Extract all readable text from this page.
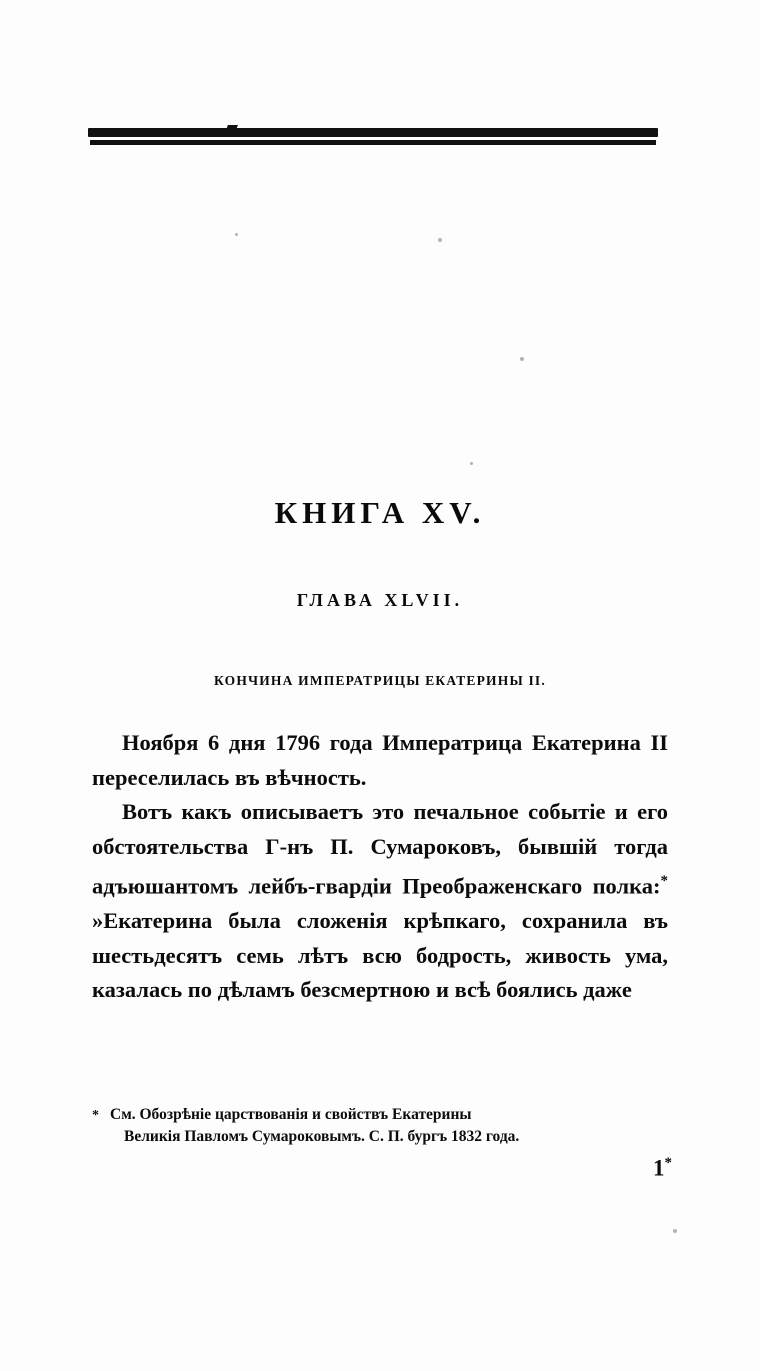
КНИГА XV.
ГЛАВА XLVII.
КОНЧИНА ИМПЕРАТРИЦЫ ЕКАТЕРИНЫ II.

Ноября 6 дня 1796 года Императрица Екатерина II переселилась въ вѣчность.

Вотъ какъ описываетъ это печальное событіе и его обстоятельства Г-нъ П. Сумароковъ, бывшій тогда адъюшантомъ лейбъ-гвардіи Преображенскаго полка:* »Екатерина была сложенія крѣпкаго, сохранила въ шестьдесятъ семь лѣтъ всю бодрость, живость ума, казалась по дѣламъ безсмертною и всѣ боялись даже

* См. Обозрѣніе царствованія и свойствъ Екатерины
Великія Павломъ Сумароковымъ. С. П. бургъ 1832 года.
1*
